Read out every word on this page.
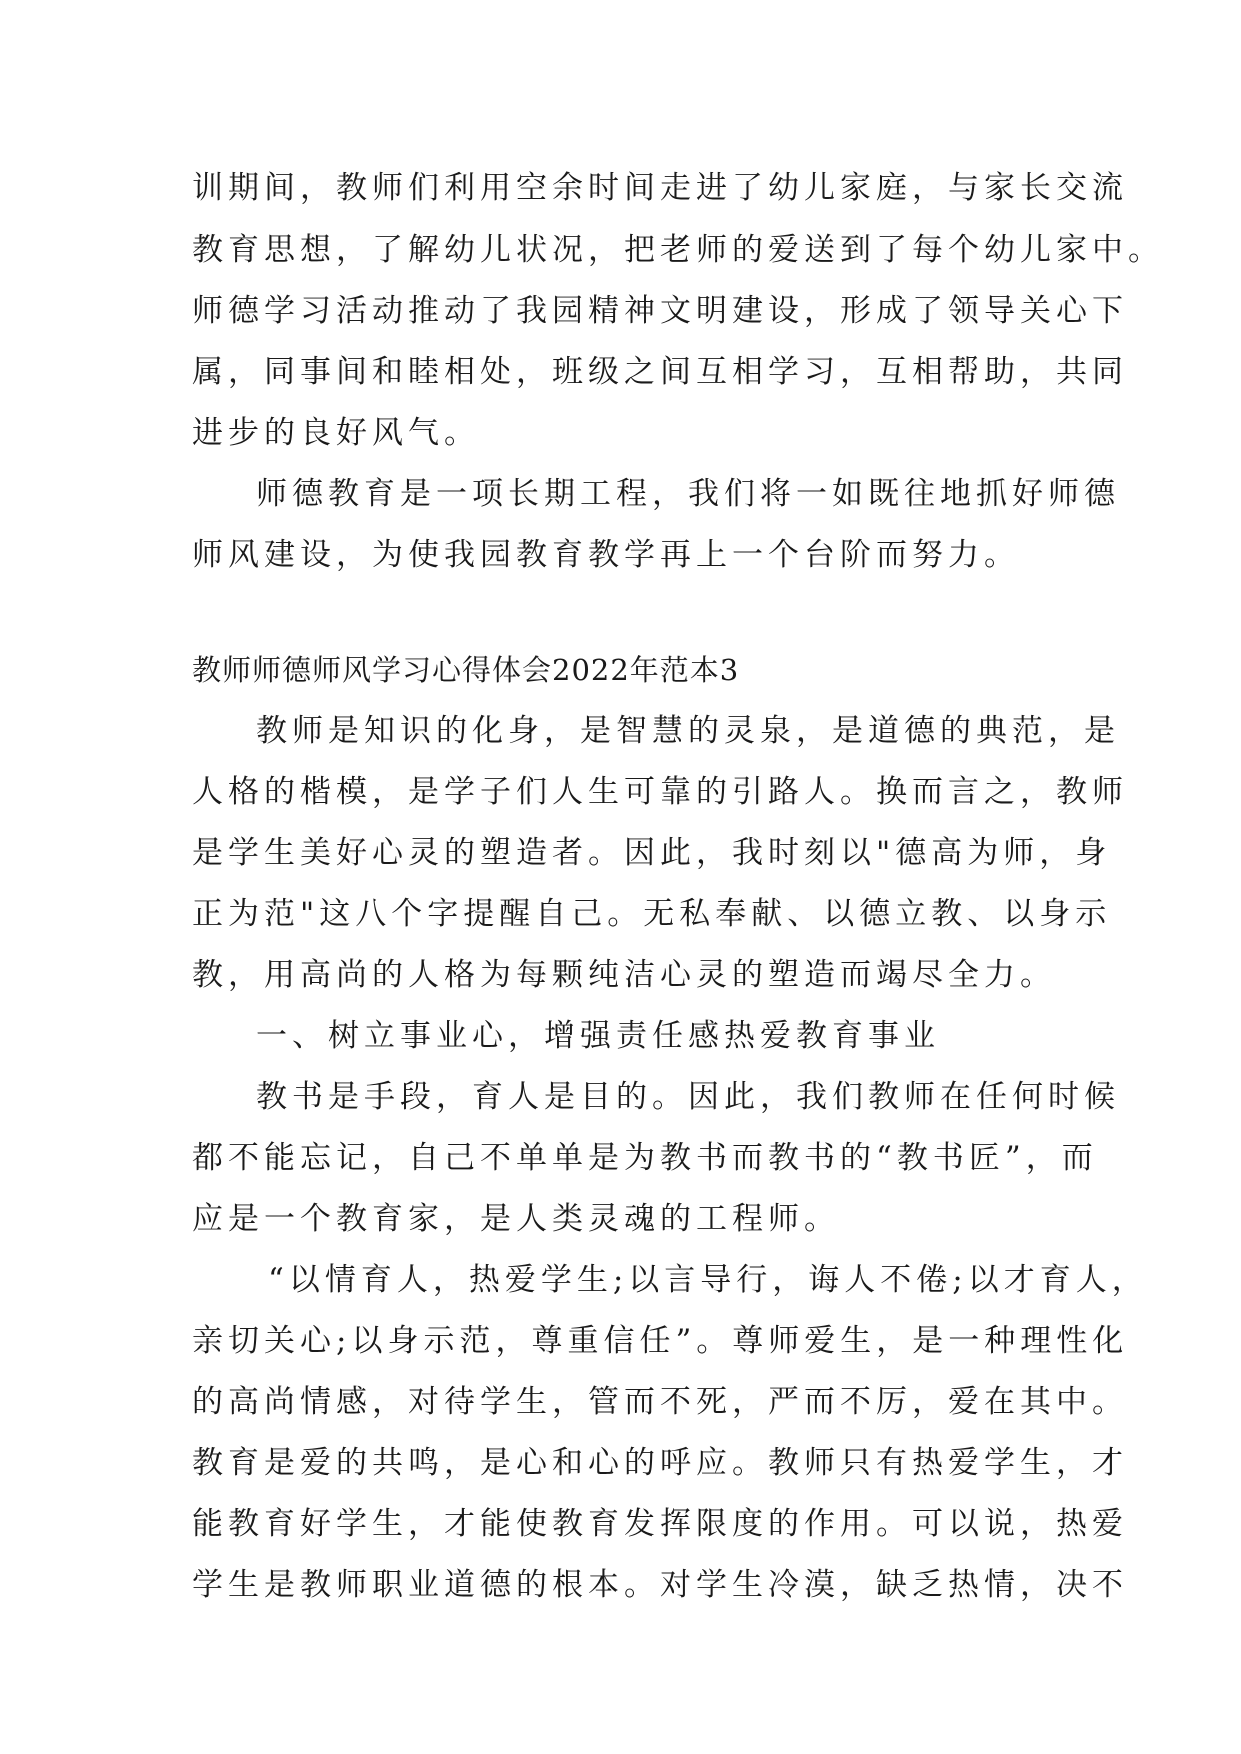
训期间，教师们利用空余时间走进了幼儿家庭，与家长交流

教育思想，了解幼儿状况，把老师的爱送到了每个幼儿家中。

师德学习活动推动了我园精神文明建设，形成了领导关心下

属，同事间和睦相处，班级之间互相学习，互相帮助，共同

进步的良好风气。

师德教育是一项长期工程，我们将一如既往地抓好师德

师风建设，为使我园教育教学再上一个台阶而努力。

教师师德师风学习心得体会2022年范本3

教师是知识的化身，是智慧的灵泉，是道德的典范，是

人格的楷模，是学子们人生可靠的引路人。换而言之，教师

是学生美好心灵的塑造者。因此，我时刻以"德高为师，身

正为范"这八个字提醒自己。无私奉献、以德立教、以身示

教，用高尚的人格为每颗纯洁心灵的塑造而竭尽全力。

一、树立事业心，增强责任感热爱教育事业

教书是手段，育人是目的。因此，我们教师在任何时候

都不能忘记，自己不单单是为教书而教书的“教书匠”，而

应是一个教育家，是人类灵魂的工程师。

“以情育人，热爱学生;以言导行，诲人不倦;以才育人，

亲切关心;以身示范，尊重信任”。尊师爱生，是一种理性化

的高尚情感，对待学生，管而不死，严而不厉，爱在其中。

教育是爱的共鸣，是心和心的呼应。教师只有热爱学生，才

能教育好学生，才能使教育发挥限度的作用。可以说，热爱

学生是教师职业道德的根本。对学生冷漠，缺乏热情，决不
